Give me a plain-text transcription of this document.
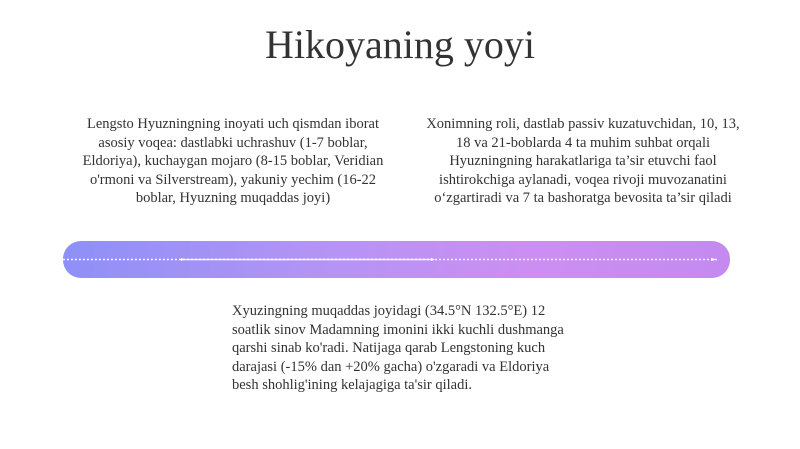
Hikoyaning yoyi

Lengsto Hyuzningning inoyati uch qismdan iborat asosiy voqea: dastlabki uchrashuv (1-7 boblar, Eldoriya), kuchaygan mojaro (8-15 boblar, Veridian o'rmoni va Silverstream), yakuniy yechim (16-22 boblar, Hyuzning muqaddas joyi)

Xonimning roli, dastlab passiv kuzatuvchidan, 10, 13, 18 va 21-boblarda 4 ta muhim suhbat orqali Hyuzningning harakatlariga ta’sir etuvchi faol ishtirokchiga aylanadi, voqea rivoji muvozanatini o‘zgartiradi va 7 ta bashoratga bevosita ta’sir qiladi

Xyuzingning muqaddas joyidagi (34.5°N 132.5°E) 12 soatlik sinov Madamning imonini ikki kuchli dushmanga qarshi sinab ko'radi. Natijaga qarab Lengstoning kuch darajasi (-15% dan +20% gacha) o'zgaradi va Eldoriya besh shohlig'ining kelajagiga ta'sir qiladi.
